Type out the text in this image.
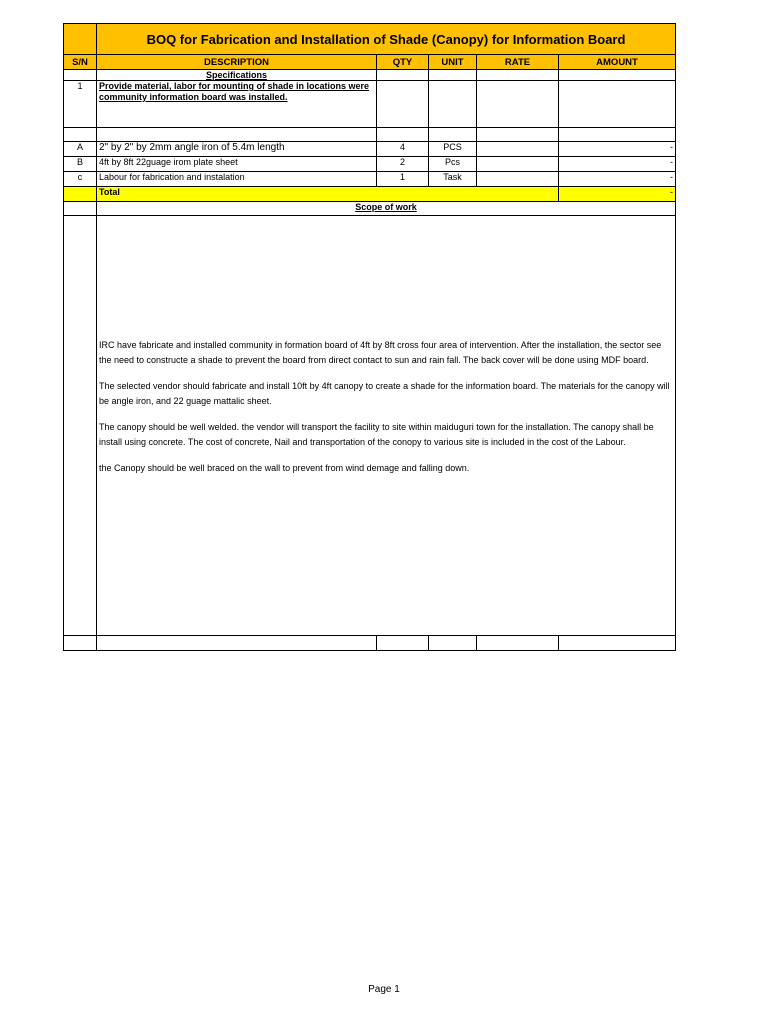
	BOQ for Fabrication and Installation of Shade (Canopy) for Information Board				
S/N	DESCRIPTION	QTY	UNIT	RATE	AMOUNT
	Specifications				
1	Provide material, labor for mounting of shade in locations were community information board was installed.				

A	2" by 2" by 2mm angle iron of 5.4m length	4	PCS		-
B	4ft by 8ft 22guage irom plate sheet	2	Pcs		-
c	Labour for fabrication and instalation	1	Task		-
	Total				-
	Scope of work				

	IRC have fabricate and installed community in formation board of 4ft by 8ft cross four area of intervention. After the installation, the sector see the need to constructe a shade to prevent the board from direct contact to sun and rain fall. The back cover will be done using MDF board.

The selected vendor should fabricate and install 10ft by 4ft canopy to create a shade for the information board. The materials for the canopy will be angle iron, and 22 guage mattalic sheet.

The canopy should be well welded. the vendor will transport the facility to site within maiduguri town for the installation. The canopy shall be install using concrete. The cost of concrete, Nail and transportation of the conopy to various site is included in the cost of the Labour.

the Canopy should be well braced on the wall to prevent from wind demage and falling down.				

Page 1
